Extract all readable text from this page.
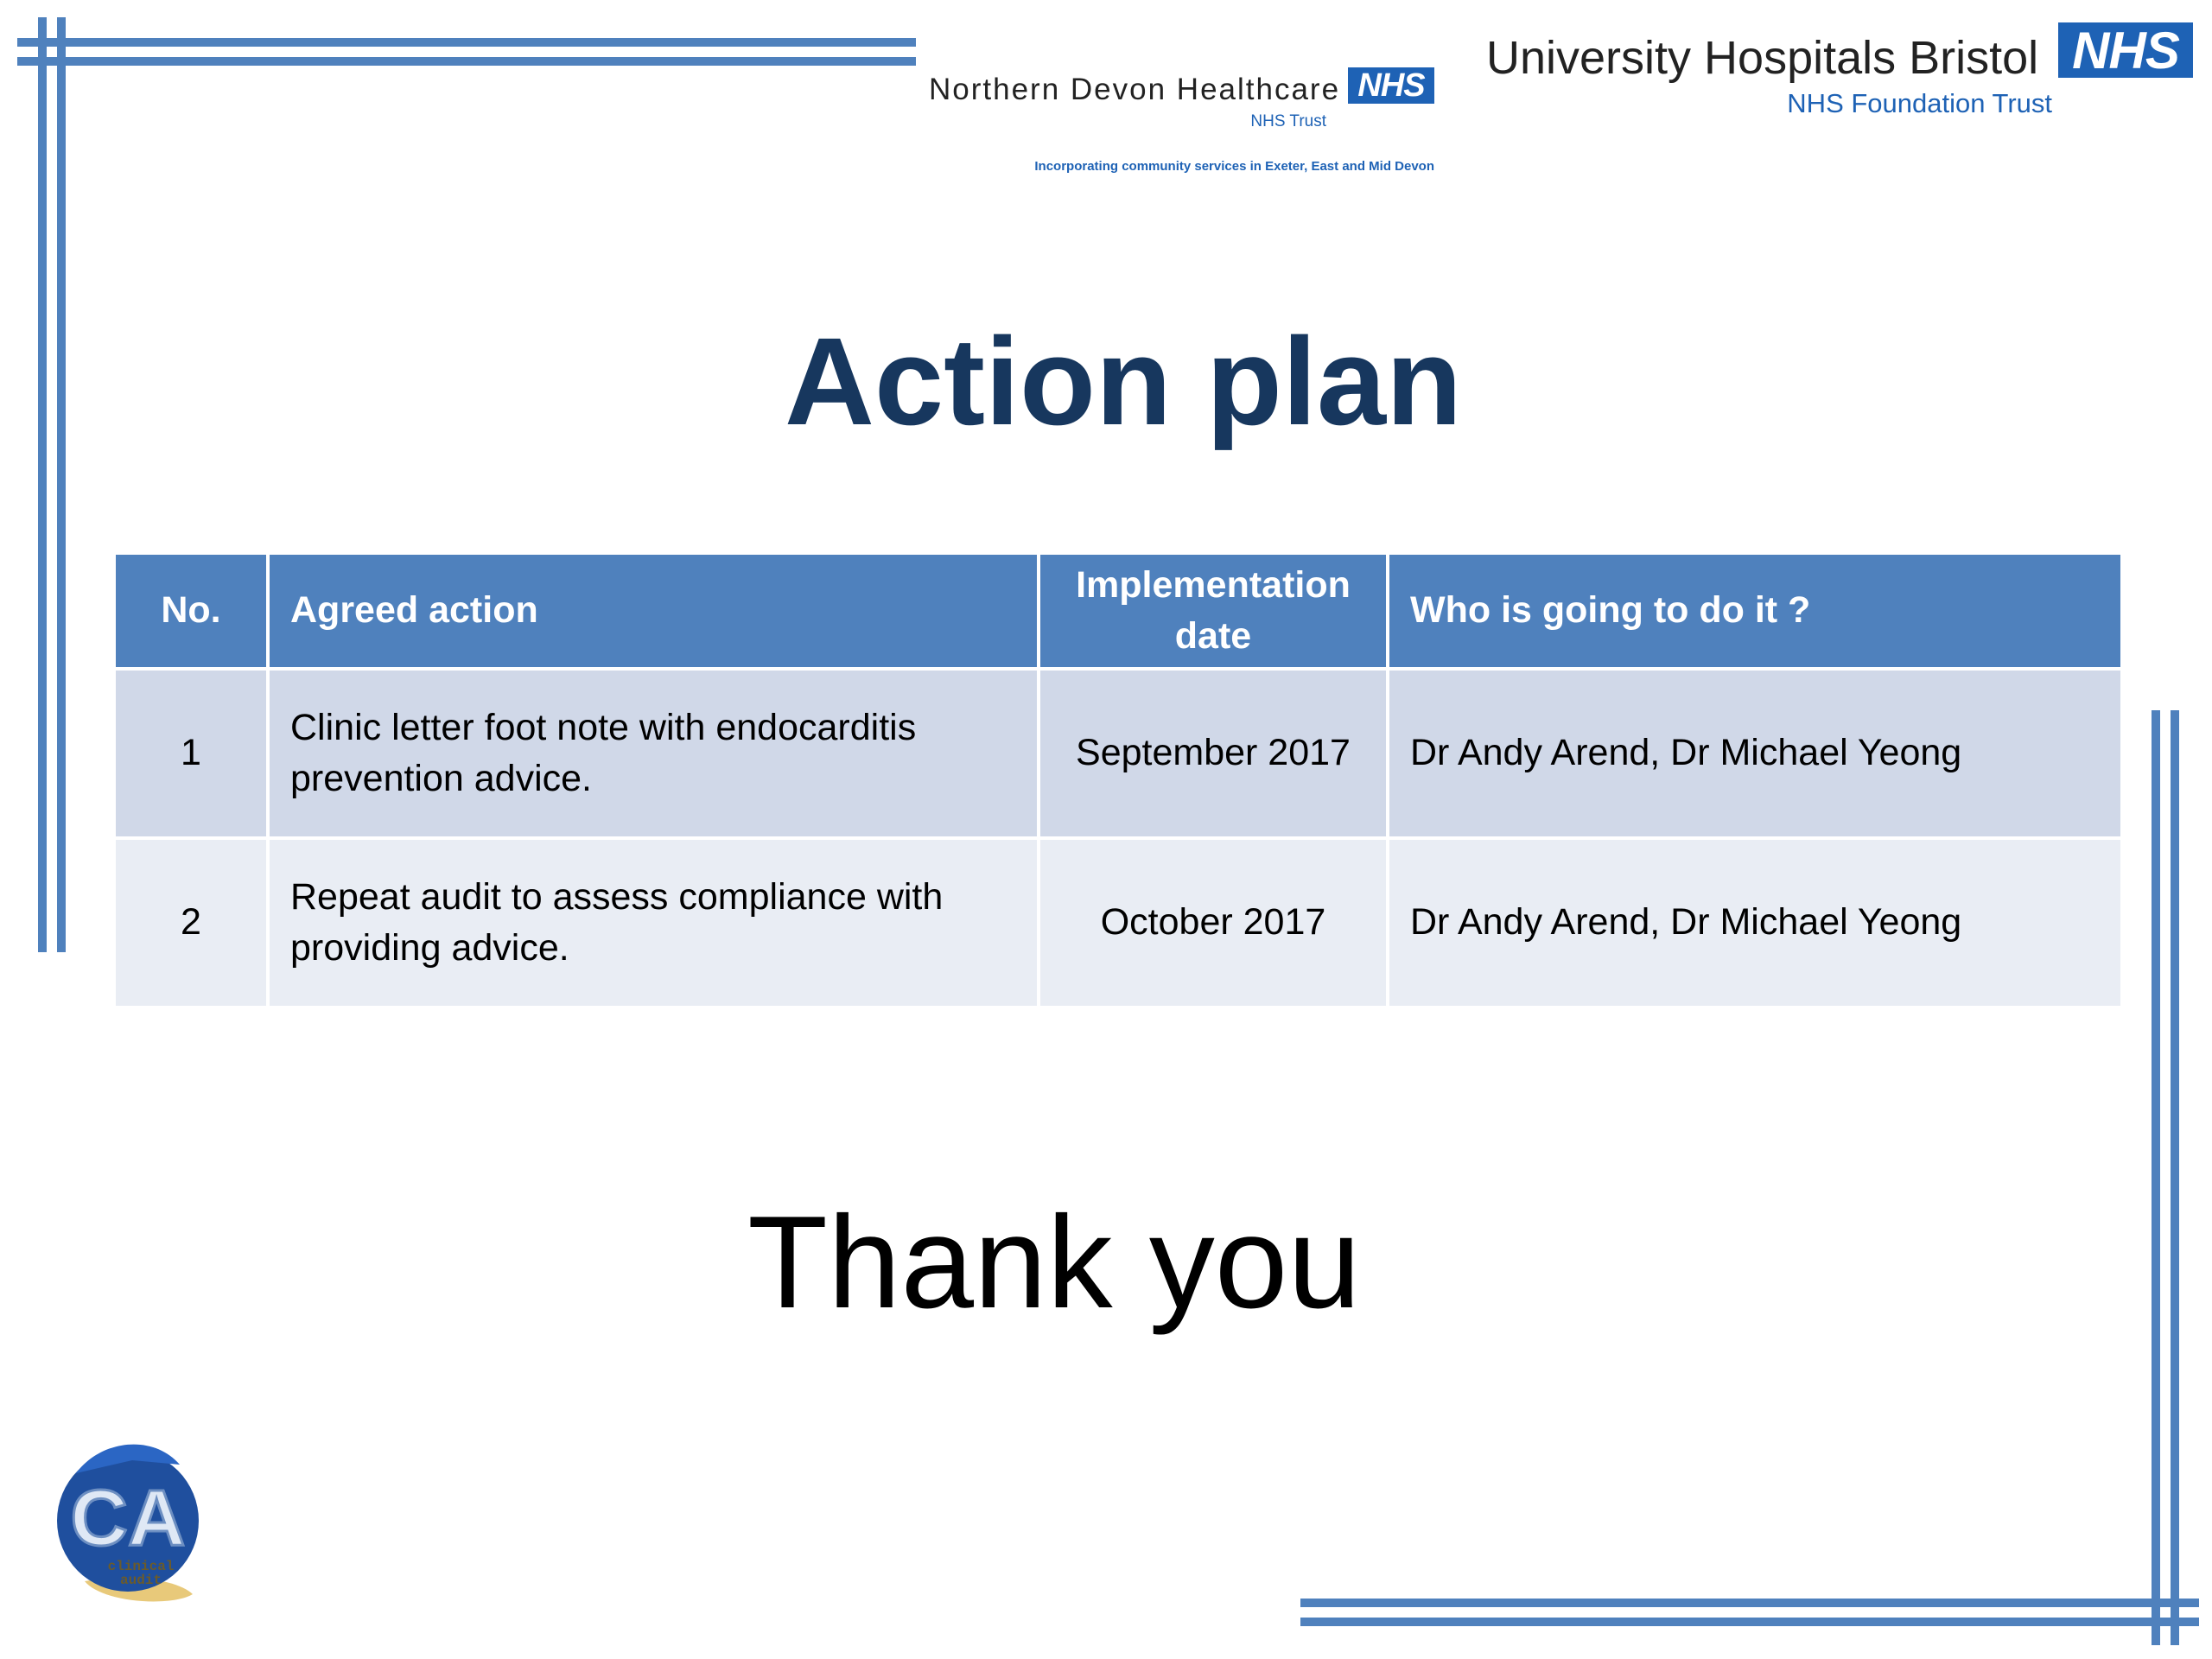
Northern Devon Healthcare NHS
NHS Trust
Incorporating community services in Exeter, East and Mid Devon
University Hospitals Bristol NHS
NHS Foundation Trust
Action plan
No.	Agreed action	Implementation date	Who is going to do it ?
1	Clinic letter foot note with endocarditis prevention advice.	September 2017	Dr Andy Arend, Dr Michael Yeong
2	Repeat audit to assess compliance with providing advice.	October 2017	Dr Andy Arend, Dr Michael Yeong
Thank you
CA
clinical
audit
